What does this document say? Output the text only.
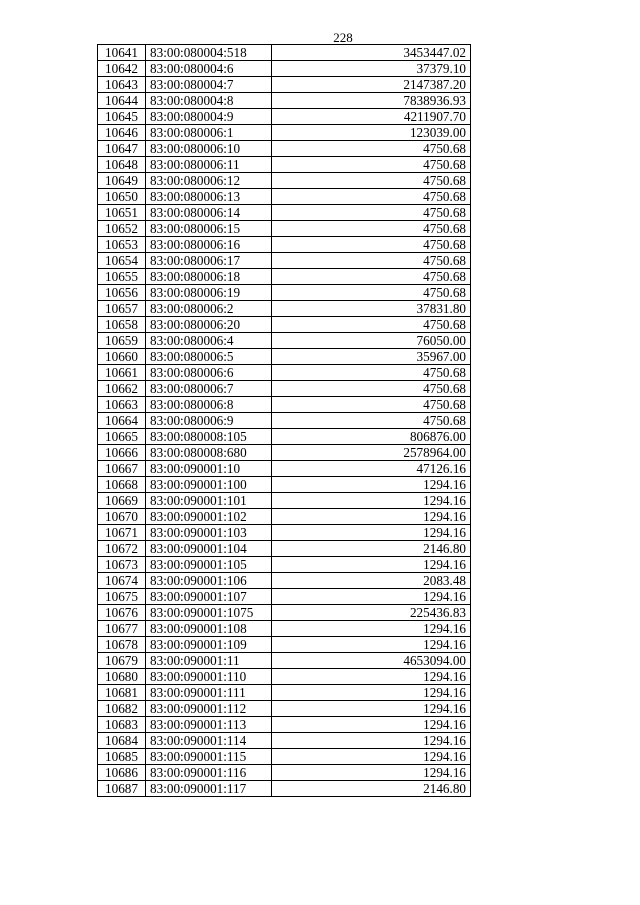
228
10641	83:00:080004:518	3453447.02
10642	83:00:080004:6	37379.10
10643	83:00:080004:7	2147387.20
10644	83:00:080004:8	7838936.93
10645	83:00:080004:9	4211907.70
10646	83:00:080006:1	123039.00
10647	83:00:080006:10	4750.68
10648	83:00:080006:11	4750.68
10649	83:00:080006:12	4750.68
10650	83:00:080006:13	4750.68
10651	83:00:080006:14	4750.68
10652	83:00:080006:15	4750.68
10653	83:00:080006:16	4750.68
10654	83:00:080006:17	4750.68
10655	83:00:080006:18	4750.68
10656	83:00:080006:19	4750.68
10657	83:00:080006:2	37831.80
10658	83:00:080006:20	4750.68
10659	83:00:080006:4	76050.00
10660	83:00:080006:5	35967.00
10661	83:00:080006:6	4750.68
10662	83:00:080006:7	4750.68
10663	83:00:080006:8	4750.68
10664	83:00:080006:9	4750.68
10665	83:00:080008:105	806876.00
10666	83:00:080008:680	2578964.00
10667	83:00:090001:10	47126.16
10668	83:00:090001:100	1294.16
10669	83:00:090001:101	1294.16
10670	83:00:090001:102	1294.16
10671	83:00:090001:103	1294.16
10672	83:00:090001:104	2146.80
10673	83:00:090001:105	1294.16
10674	83:00:090001:106	2083.48
10675	83:00:090001:107	1294.16
10676	83:00:090001:1075	225436.83
10677	83:00:090001:108	1294.16
10678	83:00:090001:109	1294.16
10679	83:00:090001:11	4653094.00
10680	83:00:090001:110	1294.16
10681	83:00:090001:111	1294.16
10682	83:00:090001:112	1294.16
10683	83:00:090001:113	1294.16
10684	83:00:090001:114	1294.16
10685	83:00:090001:115	1294.16
10686	83:00:090001:116	1294.16
10687	83:00:090001:117	2146.80
